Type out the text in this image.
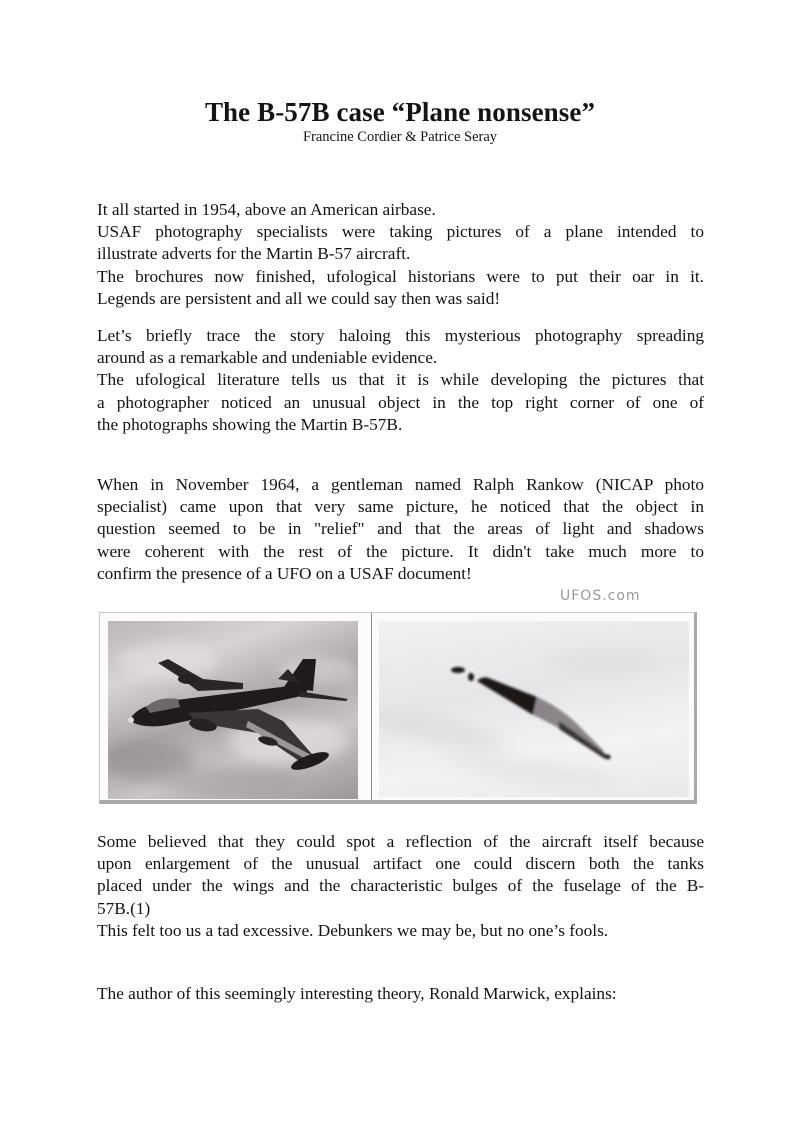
The B-57B case “Plane nonsense”
Francine Cordier & Patrice Seray
It all started in 1954, above an American airbase.
USAF photography specialists were taking pictures of a plane intended to
illustrate adverts for the Martin B-57 aircraft.
The brochures now finished, ufological historians were to put their oar in it.
Legends are persistent and all we could say then was said!
Let’s briefly trace the story haloing this mysterious photography spreading
around as a remarkable and undeniable evidence.
The ufological literature tells us that it is while developing the pictures that
a photographer noticed an unusual object in the top right corner of one of
the photographs showing the Martin B-57B.
When in November 1964, a gentleman named Ralph Rankow (NICAP photo
specialist) came upon that very same picture, he noticed that the object in
question seemed to be in "relief" and that the areas of light and shadows
were coherent with the rest of the picture. It didn't take much more to
confirm the presence of a UFO on a USAF document!
UFOS.com
Some believed that they could spot a reflection of the aircraft itself because
upon enlargement of the unusual artifact one could discern both the tanks
placed under the wings and the characteristic bulges of the fuselage of the B-
57B.(1)
This felt too us a tad excessive. Debunkers we may be, but no one’s fools.
The author of this seemingly interesting theory, Ronald Marwick, explains:
